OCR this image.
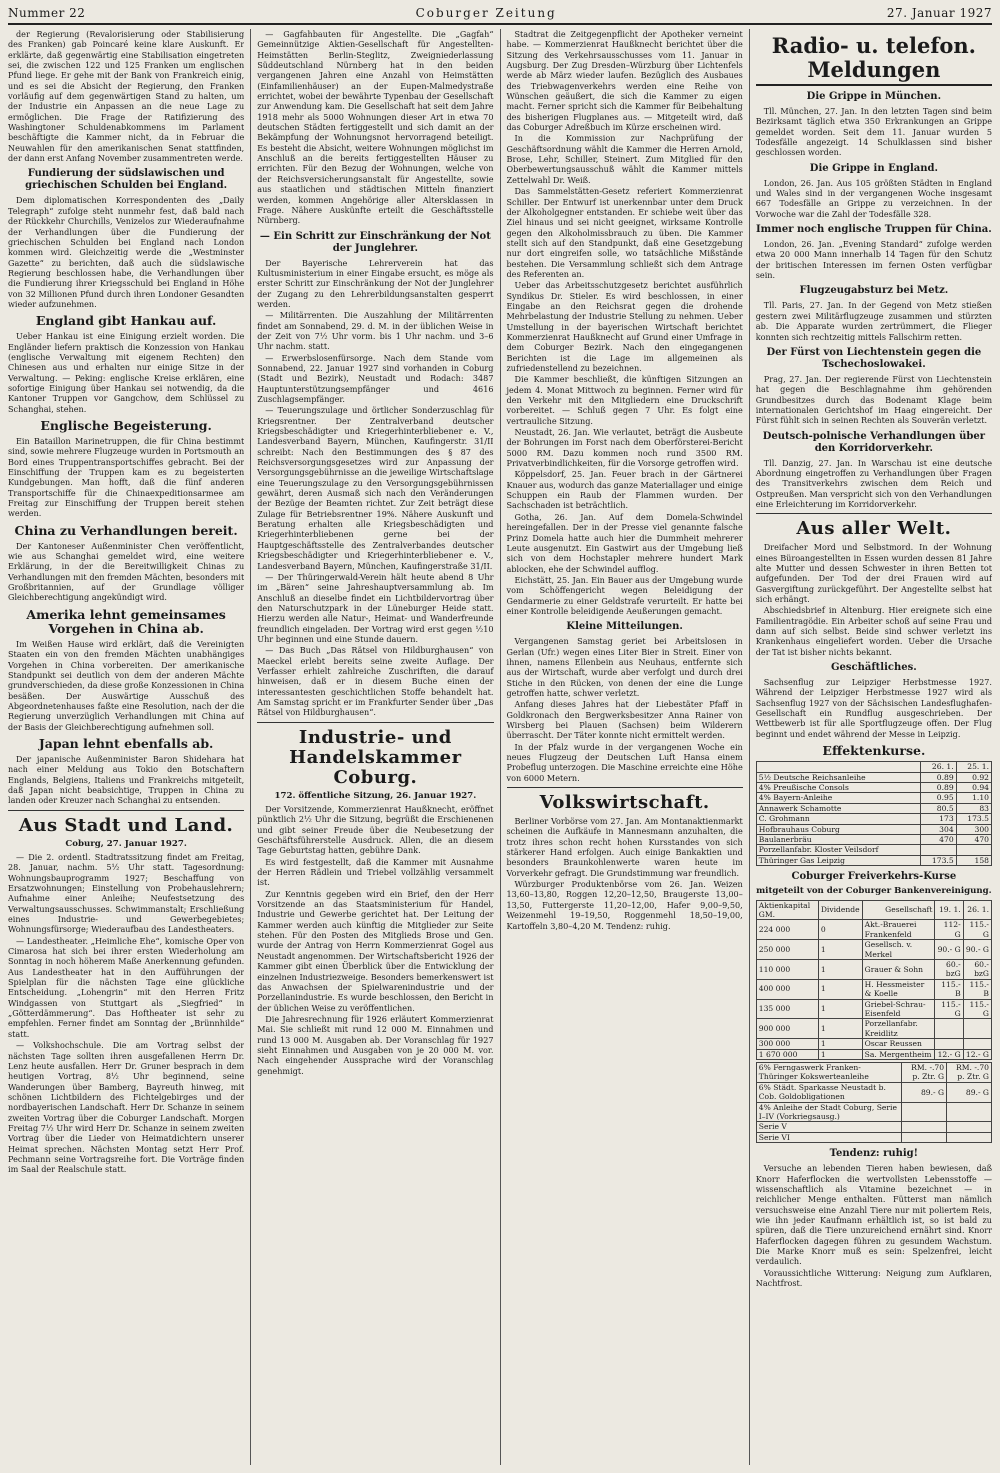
Nummer 22	Coburger Zeitung	27. Januar 1927

der Regierung (Revalorisierung oder Stabilisierung des Franken) gab Poincaré keine klare Auskunft. Er erklärte, daß gegenwärtig eine Stabilisation eingetreten sei, die zwischen 122 und 125 Franken um englischen Pfund liege. Er gehe mit der Bank von Frankreich einig, und es sei die Absicht der Regierung, den Franken vorläufig auf dem gegenwärtigen Stand zu halten, um der Industrie ein Anpassen an die neue Lage zu ermöglichen. Die Frage der Ratifizierung des Washingtoner Schuldenabkommens im Parlament beschäftigte die Kammer nicht, da in Februar die Neuwahlen für den amerikanischen Senat stattfinden, der dann erst Anfang November zusammentreten werde.

Fundierung der südslawischen und griechischen Schulden bei England.

Dem diplomatischen Korrespondenten des „Daily Telegraph“ zufolge steht nunmehr fest, daß bald nach der Rückkehr Churchills, Venizelos zur Wiederaufnahme der Verhandlungen über die Fundierung der griechischen Schulden bei England nach London kommen wird. Gleichzeitig werde die „Westminster Gazette“ zu berichten, daß auch die südslawische Regierung beschlossen habe, die Verhandlungen über die Fundierung ihrer Kriegsschuld bei England in Höhe von 32 Millionen Pfund durch ihren Londoner Gesandten wieder aufzunehmen.

England gibt Hankau auf.

Ueber Hankau ist eine Einigung erzielt worden. Die Engländer liefern praktisch die Konzession von Hankau (englische Verwaltung mit eigenem Rechten) den Chinesen aus und erhalten nur einige Sitze in der Verwaltung. — Peking: englische Kreise erklären, eine sofortige Einigung über Hankau sei notwendig, da die Kantoner Truppen vor Gangchow, dem Schlüssel zu Schanghai, stehen.

Englische Begeisterung.

Ein Bataillon Marinetruppen, die für China bestimmt sind, sowie mehrere Flugzeuge wurden in Portsmouth an Bord eines Truppentransportschiffes gebracht. Bei der Einschiffung der Truppen kam es zu begeisterten Kundgebungen. Man hofft, daß die fünf anderen Transportschiffe für die Chinaexpeditionsarmee am Freitag zur Einschiffung der Truppen bereit stehen werden.

China zu Verhandlungen bereit.

Der Kantoneser Außenminister Chen veröffentlicht, wie aus Schanghai gemeldet wird, eine weitere Erklärung, in der die Bereitwilligkeit Chinas zu Verhandlungen mit den fremden Mächten, besonders mit Großbritannien, auf der Grundlage völliger Gleichberechtigung angekündigt wird.

Amerika lehnt gemeinsames Vorgehen in China ab.

Im Weißen Hause wird erklärt, daß die Vereinigten Staaten ein von den fremden Mächten unabhängiges Vorgehen in China vorbereiten. Der amerikanische Standpunkt sei deutlich von dem der anderen Mächte grundverschieden, da diese große Konzessionen in China besäßen. Der Auswärtige Ausschuß des Abgeordnetenhauses faßte eine Resolution, nach der die Regierung unverzüglich Verhandlungen mit China auf der Basis der Gleichberechtigung aufnehmen soll.

Japan lehnt ebenfalls ab.

Der japanische Außenminister Baron Shidehara hat nach einer Meldung aus Tokio den Botschaftern Englands, Belgiens, Italiens und Frankreichs mitgeteilt, daß Japan nicht beabsichtige, Truppen in China zu landen oder Kreuzer nach Schanghai zu entsenden.

Aus Stadt und Land.
Coburg, 27. Januar 1927.

— Die 2. ordentl. Stadtratssitzung findet am Freitag, 28. Januar, nachm. 5½ Uhr statt. Tagesordnung: Wohnungsbauprogramm 1927; Beschaffung von Ersatzwohnungen; Einstellung von Probehauslehrern; Aufnahme einer Anleihe; Neufestsetzung des Verwaltungsausschusses. Schwimmanstalt; Erschließung eines Industrie- und Gewerbegebietes; Wohnungsfürsorge; Wiederaufbau des Landestheaters.

— Landestheater. „Heimliche Ehe“, komische Oper von Cimarosa hat sich bei ihrer ersten Wiederholung am Sonntag in noch höherem Maße Anerkennung gefunden. Aus Landestheater hat in den Aufführungen der Spielplan für die nächsten Tage eine glückliche Entscheidung. „Lohengrin“ mit den Herren Fritz Windgassen von Stuttgart als „Siegfried“ in „Götterdämmerung“. Das Hoftheater ist sehr zu empfehlen. Ferner findet am Sonntag der „Brünnhilde“ statt.

— Volkshochschule. Die am Vortrag selbst der nächsten Tage sollten ihren ausgefallenen Herrn Dr. Lenz heute ausfallen. Herr Dr. Gruner besprach in dem heutigen Vortrag, 8½ Uhr beginnend, seine Wanderungen über Bamberg, Bayreuth hinweg, mit schönen Lichtbildern des Fichtelgebirges und der nordbayerischen Landschaft. Herr Dr. Schanze in seinem zweiten Vortrag über die Coburger Landschaft. Morgen Freitag 7½ Uhr wird Herr Dr. Schanze in seinem zweiten Vortrag über die Lieder von Heimatdichtern unserer Heimat sprechen. Nächsten Montag setzt Herr Prof. Pechmann seine Vortragsreihe fort. Die Vorträge finden im Saal der Realschule statt.

— Gagfahbauten für Angestellte. Die „Gagfah“ Gemeinnützige Aktien-Gesellschaft für Angestellten-Heimstätten Berlin-Steglitz, Zweigniederlassung Süddeutschland Nürnberg hat in den beiden vergangenen Jahren eine Anzahl von Heimstätten (Einfamilienhäuser) an der Eupen-Malmedystraße errichtet, wobei der bewährte Typenbau der Gesellschaft zur Anwendung kam. Die Gesellschaft hat seit dem Jahre 1918 mehr als 5000 Wohnungen dieser Art in etwa 70 deutschen Städten fertiggestellt und sich damit an der Bekämpfung der Wohnungsnot hervorragend beteiligt. Es besteht die Absicht, weitere Wohnungen möglichst im Anschluß an die bereits fertiggestellten Häuser zu errichten. Für den Bezug der Wohnungen, welche von der Reichsversicherungsanstalt für Angestellte, sowie aus staatlichen und städtischen Mitteln finanziert werden, kommen Angehörige aller Altersklassen in Frage. Nähere Auskünfte erteilt die Geschäftsstelle Nürnberg.

— Ein Schritt zur Einschränkung der Not der Junglehrer.

Der Bayerische Lehrerverein hat das Kultusministerium in einer Eingabe ersucht, es möge als erster Schritt zur Einschränkung der Not der Junglehrer der Zugang zu den Lehrerbildungsanstalten gesperrt werden.

— Militärrenten. Die Auszahlung der Militärrenten findet am Sonnabend, 29. d. M. in der üblichen Weise in der Zeit von 7½ Uhr vorm. bis 1 Uhr nachm. und 3–6 Uhr nachm. statt.

— Erwerbslosenfürsorge. Nach dem Stande vom Sonnabend, 22. Januar 1927 sind vorhanden in Coburg (Stadt und Bezirk), Neustadt und Rodach: 3487 Hauptunterstützungsempfänger und 4616 Zuschlagsempfänger.

— Teuerungszulage und örtlicher Sonderzuschlag für Kriegsrentner. Der Zentralverband deutscher Kriegsbeschädigter und Kriegerhinterbliebener e. V., Landesverband Bayern, München, Kaufingerstr. 31/II schreibt: Nach den Bestimmungen des § 87 des Reichsversorgungsgesetzes wird zur Anpassung der Versorgungsgebührnisse an die jeweilige Wirtschaftslage eine Teuerungszulage zu den Versorgungsgebührnissen gewährt, deren Ausmaß sich nach den Veränderungen der Bezüge der Beamten richtet. Zur Zeit beträgt diese Zulage für Betriebsrentner 19%. Nähere Auskunft und Beratung erhalten alle Kriegsbeschädigten und Kriegerhinterbliebenen gerne bei der Hauptgeschäftsstelle des Zentralverbandes deutscher Kriegsbeschädigter und Kriegerhinterbliebener e. V., Landesverband Bayern, München, Kaufingerstraße 31/II.

— Der Thüringerwald-Verein hält heute abend 8 Uhr im „Bären“ seine Jahreshauptversammlung ab. Im Anschluß an dieselbe findet ein Lichtbildervortrag über den Naturschutzpark in der Lüneburger Heide statt. Hierzu werden alle Natur-, Heimat- und Wanderfreunde freundlich eingeladen. Der Vortrag wird erst gegen ½10 Uhr beginnen und eine Stunde dauern.

— Das Buch „Das Rätsel von Hildburghausen“ von Maeckel erlebt bereits seine zweite Auflage. Der Verfasser erhielt zahlreiche Zuschriften, die darauf hinweisen, daß er in diesem Buche einen der interessantesten geschichtlichen Stoffe behandelt hat. Am Samstag spricht er im Frankfurter Sender über „Das Rätsel von Hildburghausen“.

Industrie- und Handelskammer Coburg.
172. öffentliche Sitzung, 26. Januar 1927.

Der Vorsitzende, Kommerzienrat Haußknecht, eröffnet pünktlich 2½ Uhr die Sitzung, begrüßt die Erschienenen und gibt seiner Freude über die Neubesetzung der Geschäftsführerstelle Ausdruck. Allen, die an diesem Tage Geburtstag hatten, gebühre Dank.

Es wird festgestellt, daß die Kammer mit Ausnahme der Herren Rädlein und Triebel vollzählig versammelt ist.

Zur Kenntnis gegeben wird ein Brief, den der Herr Vorsitzende an das Staatsministerium für Handel, Industrie und Gewerbe gerichtet hat. Der Leitung der Kammer werden auch künftig die Mitglieder zur Seite stehen. Für den Posten des Mitglieds Brose und Gen. wurde der Antrag von Herrn Kommerzienrat Gogel aus Neustadt angenommen. Der Wirtschaftsbericht 1926 der Kammer gibt einen Überblick über die Entwicklung der einzelnen Industriezweige. Besonders bemerkenswert ist das Anwachsen der Spielwarenindustrie und der Porzellanindustrie. Es wurde beschlossen, den Bericht in der üblichen Weise zu veröffentlichen.

Die Jahresrechnung für 1926 erläutert Kommerzienrat Mai. Sie schließt mit rund 12 000 M. Einnahmen und rund 13 000 M. Ausgaben ab. Der Voranschlag für 1927 sieht Einnahmen und Ausgaben von je 20 000 M. vor. Nach eingehender Aussprache wird der Voranschlag genehmigt.

Stadtrat die Zeitgegenpflicht der Apotheker verneint habe. — Kommerzienrat Haußknecht berichtet über die Sitzung des Verkehrsausschusses vom 11. Januar in Augsburg. Der Zug Dresden–Würzburg über Lichtenfels werde ab März wieder laufen. Bezüglich des Ausbaues des Triebwagenverkehrs werden eine Reihe von Wünschen geäußert, die sich die Kammer zu eigen macht. Ferner spricht sich die Kammer für Beibehaltung des bisherigen Flugplanes aus. — Mitgeteilt wird, daß das Coburger Adreßbuch im Kürze erscheinen wird.

In die Kommission zur Nachprüfung der Geschäftsordnung wählt die Kammer die Herren Arnold, Brose, Lehr, Schiller, Steinert. Zum Mitglied für den Oberbewertungsausschuß wählt die Kammer mittels Zettelwahl Dr. Weiß.

Das Sammelstätten-Gesetz referiert Kommerzienrat Schiller. Der Entwurf ist unerkennbar unter dem Druck der Alkoholgegner entstanden. Er schiebe weit über das Ziel hinaus und sei nicht geeignet, wirksame Kontrolle gegen den Alkoholmissbrauch zu üben. Die Kammer stellt sich auf den Standpunkt, daß eine Gesetzgebung nur dort eingreifen solle, wo tatsächliche Mißstände bestehen. Die Versammlung schließt sich dem Antrage des Referenten an.

Ueber das Arbeitsschutzgesetz berichtet ausführlich Syndikus Dr. Stieler. Es wird beschlossen, in einer Eingabe an den Reichsrat gegen die drohende Mehrbelastung der Industrie Stellung zu nehmen. Ueber Umstellung in der bayerischen Wirtschaft berichtet Kommerzienrat Haußknecht auf Grund einer Umfrage in dem Coburger Bezirk. Nach den eingegangenen Berichten ist die Lage im allgemeinen als zufriedenstellend zu bezeichnen.

Die Kammer beschließt, die künftigen Sitzungen an jedem 4. Monat Mittwoch zu beginnen. Ferner wird für den Verkehr mit den Mitgliedern eine Druckschrift vorbereitet. — Schluß gegen 7 Uhr. Es folgt eine vertrauliche Sitzung.

Neustadt, 26. Jan. Wie verlautet, beträgt die Ausbeute der Bohrungen im Forst nach dem Oberförsterei-Bericht 5000 RM. Dazu kommen noch rund 3500 RM. Privatverbindlichkeiten, für die Vorsorge getroffen wird.

Köppelsdorf, 25. Jan. Feuer brach in der Gärtnerei Knauer aus, wodurch das ganze Materiallager und einige Schuppen ein Raub der Flammen wurden. Der Sachschaden ist beträchtlich.

Gotha, 26. Jan. Auf dem Domela-Schwindel hereingefallen. Der in der Presse viel genannte falsche Prinz Domela hatte auch hier die Dummheit mehrerer Leute ausgenutzt. Ein Gastwirt aus der Umgebung ließ sich von dem Hochstapler mehrere hundert Mark ablocken, ehe der Schwindel aufflog.

Eichstätt, 25. Jan. Ein Bauer aus der Umgebung wurde vom Schöffengericht wegen Beleidigung der Gendarmerie zu einer Geldstrafe verurteilt. Er hatte bei einer Kontrolle beleidigende Aeußerungen gemacht.

Kleine Mitteilungen.

Vergangenen Samstag geriet bei Arbeitslosen in Gerlan (Ufr.) wegen eines Liter Bier in Streit. Einer von ihnen, namens Ellenbein aus Neuhaus, entfernte sich aus der Wirtschaft, wurde aber verfolgt und durch drei Stiche in den Rücken, von denen der eine die Lunge getroffen hatte, schwer verletzt.

Anfang dieses Jahres hat der Liebestäter Pfaff in Goldkronach den Bergwerksbesitzer Anna Rainer von Wirsberg bei Plauen (Sachsen) beim Wilderern überrascht. Der Täter konnte nicht ermittelt werden.

In der Pfalz wurde in der vergangenen Woche ein neues Flugzeug der Deutschen Luft Hansa einem Probeflug unterzogen. Die Maschine erreichte eine Höhe von 6000 Metern.

Volkswirtschaft.

Berliner Vorbörse vom 27. Jan. Am Montanaktienmarkt scheinen die Aufkäufe in Mannesmann anzuhalten, die trotz ihres schon recht hohen Kursstandes von sich stärkerer Hand erfolgen. Auch einige Bankaktien und besonders Braunkohlenwerte waren heute im Vorverkehr gefragt. Die Grundstimmung war freundlich.

Würzburger Produktenbörse vom 26. Jan. Weizen 13,60–13,80, Roggen 12,20–12,50, Braugerste 13,00–13,50, Futtergerste 11,20–12,00, Hafer 9,00–9,50, Weizenmehl 19–19,50, Roggenmehl 18,50–19,00, Kartoffeln 3,80–4,20 M. Tendenz: ruhig.

Radio- u. telefon. Meldungen
Die Grippe in München.

Tll. München, 27. Jan. In den letzten Tagen sind beim Bezirksamt täglich etwa 350 Erkrankungen an Grippe gemeldet worden. Seit dem 11. Januar wurden 5 Todesfälle angezeigt. 14 Schulklassen sind bisher geschlossen worden.

Die Grippe in England.

London, 26. Jan. Aus 105 größten Städten in England und Wales sind in der vergangenen Woche insgesamt 667 Todesfälle an Grippe zu verzeichnen. In der Vorwoche war die Zahl der Todesfälle 328.

Immer noch englische Truppen für China.

London, 26. Jan. „Evening Standard“ zufolge werden etwa 20 000 Mann innerhalb 14 Tagen für den Schutz der britischen Interessen im fernen Osten verfügbar sein.

Flugzeugabsturz bei Metz.

Tll. Paris, 27. Jan. In der Gegend von Metz stießen gestern zwei Militärflugzeuge zusammen und stürzten ab. Die Apparate wurden zertrümmert, die Flieger konnten sich rechtzeitig mittels Fallschirm retten.

Der Fürst von Liechtenstein gegen die Tschechoslowakei.

Prag, 27. Jan. Der regierende Fürst von Liechtenstein hat gegen die Beschlagnahme ihm gehörenden Grundbesitzes durch das Bodenamt Klage beim internationalen Gerichtshof im Haag eingereicht. Der Fürst fühlt sich in seinen Rechten als Souverän verletzt.

Deutsch-polnische Verhandlungen über den Korridorverkehr.

Tll. Danzig, 27. Jan. In Warschau ist eine deutsche Abordnung eingetroffen zu Verhandlungen über Fragen des Transitverkehrs zwischen dem Reich und Ostpreußen. Man verspricht sich von den Verhandlungen eine Erleichterung im Korridorverkehr.

Aus aller Welt.

Dreifacher Mord und Selbstmord. In der Wohnung eines Büroangestellten in Essen wurden dessen 81 Jahre alte Mutter und dessen Schwester in ihren Betten tot aufgefunden. Der Tod der drei Frauen wird auf Gasvergiftung zurückgeführt. Der Angestellte selbst hat sich erhängt.

Abschiedsbrief in Altenburg. Hier ereignete sich eine Familientragödie. Ein Arbeiter schoß auf seine Frau und dann auf sich selbst. Beide sind schwer verletzt ins Krankenhaus eingeliefert worden. Ueber die Ursache der Tat ist bisher nichts bekannt.

Geschäftliches.

Sachsenflug zur Leipziger Herbstmesse 1927. Während der Leipziger Herbstmesse 1927 wird als Sachsenflug 1927 von der Sächsischen Landesflughafen-Gesellschaft ein Rundflug ausgeschrieben. Der Wettbewerb ist für alle Sportflugzeuge offen. Der Flug beginnt und endet während der Messe in Leipzig.

Effektenkurse.
	26. 1.	25. 1.
5½ Deutsche Reichsanleihe	0.89	0.92
4% Preußische Consols	0.89	0.94
4% Bayern-Anleihe	0.95	1.10
Annawerk Schamotte	80.5	83
C. Grohmann	173	173.5
Hofbrauhaus Coburg	304	300
Baulanerbräu	470	470
Porzellanfabr. Kloster Veilsdorf		
Thüringer Gas Leipzig	173.5	158
Coburger Freiverkehrs-Kurse
mitgeteilt von der Coburger Bankenvereinigung.
Aktienkapital GM.	Dividende	Gesellschaft	19. 1.	26. 1.
224 000	0	Akt.-Brauerei Frankenfeld	112- G	115.- G
250 000	1	Gesellsch. v. Merkel	90.- G	90.- G
110 000	1	Grauer & Sohn	60.- bzG	60.- bzG
400 000	1	H. Hessmeister & Koelle	115.- B	115.- B
135 000	1	Griebel-Schrau-Eisenfeld	115.- G	115.- G
900 000	1	Porzellanfabr. Kreidlitz		
300 000	1	Oscar Reussen		
1 670 000	1	Sa. Mergentheim	12.- G	12.- G
6% Ferngaswerk Franken-Thüringer Kokswerteanleihe	RM. -.70 p. Ztr. G	RM. -.70 p. Ztr. G
6% Städt. Sparkasse Neustadt b. Cob. Goldobligationen	89.- G	89.- G
4% Anleihe der Stadt Coburg, Serie I–IV (Vorkriegsausg.)		
Serie V		
Serie VI		
Tendenz: ruhig!

Versuche an lebenden Tieren haben bewiesen, daß Knorr Haferflocken die wertvollsten Lebensstoffe — wissenschaftlich als Vitamine bezeichnet — in reichlicher Menge enthalten. Fütterst man nämlich versuchsweise eine Anzahl Tiere nur mit poliertem Reis, wie ihn jeder Kaufmann erhältlich ist, so ist bald zu spüren, daß die Tiere unzureichend ernährt sind. Knorr Haferflocken dagegen führen zu gesundem Wachstum. Die Marke Knorr muß es sein: Spelzenfrei, leicht verdaulich.

Voraussichtliche Witterung: Neigung zum Aufklaren, Nachtfrost.
